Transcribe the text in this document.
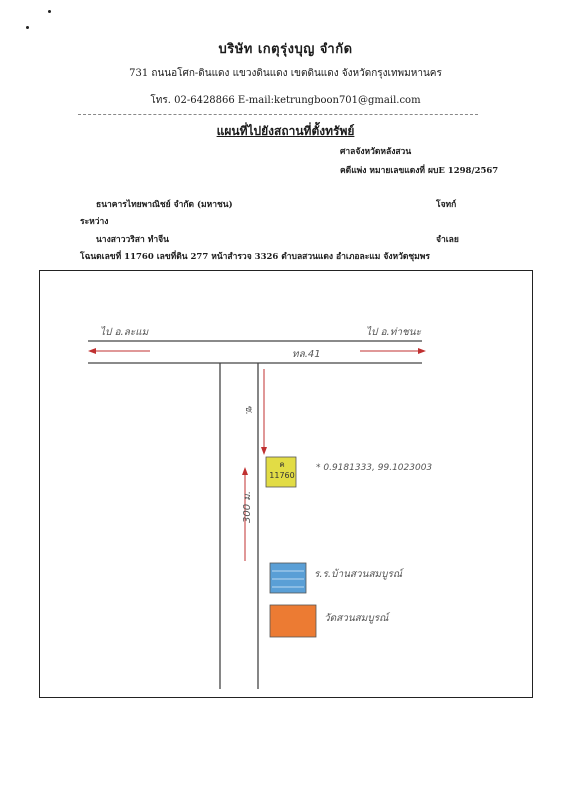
บริษัท เกตุรุ่งบุญ จำกัด
731 ถนนอโศก-ดินแดง แขวงดินแดง เขตดินแดง จังหวัดกรุงเทพมหานคร
โทร. 02-6428866 E-mail:ketrungboon701@gmail.com
แผนที่ไปยังสถานที่ตั้งทรัพย์
ศาลจังหวัดหลังสวน
คดีแพ่ง หมายเลขแดงที่ ผบE 1298/2567
ธนาคารไทยพาณิชย์ จำกัด (มหาชน)	โจทก์
ระหว่าง
นางสาววริสา ทำจีน	จำเลย
โฉนดเลขที่ 11760 เลขที่ดิน 277 หน้าสำรวจ 3326 ตำบลสวนแดง อำเภอละแม จังหวัดชุมพร
ไป อ.ละแม	ไป อ.ท่าชนะ
ทล.41
ซ.
300 ม.
ค
11760
* 0.9181333, 99.1023003
ร.ร.บ้านสวนสมบูรณ์
วัดสวนสมบูรณ์
